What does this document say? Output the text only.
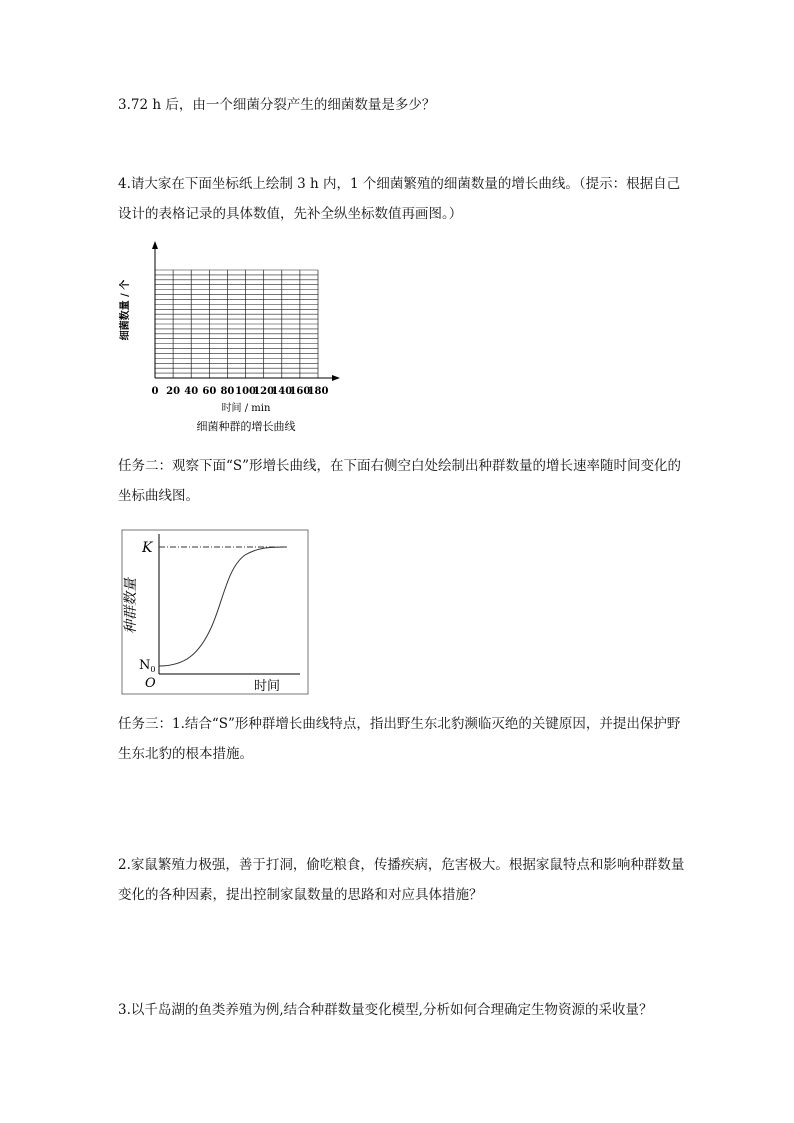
3.72 h 后，由一个细菌分裂产生的细菌数量是多少？

4.请大家在下面坐标纸上绘制 3 h 内，1 个细菌繁殖的细菌数量的增长曲线。（提示：根据自己设计的表格记录的具体数值，先补全纵坐标数值再画图。）

0 20 40 60 80 100
120
140
160
180
细菌数量 / 个
时间 / min
细菌种群的增长曲线

任务二：观察下面“S”形增长曲线，在下面右侧空白处绘制出种群数量的增长速率随时间变化的坐标曲线图。

K
$N_0$
O	时间
种群数量

任务三：1.结合“S”形种群增长曲线特点，指出野生东北豹濒临灭绝的关键原因，并提出保护野生东北豹的根本措施。

2.家鼠繁殖力极强，善于打洞，偷吃粮食，传播疾病，危害极大。根据家鼠特点和影响种群数量变化的各种因素，提出控制家鼠数量的思路和对应具体措施？

3.以千岛湖的鱼类养殖为例,结合种群数量变化模型,分析如何合理确定生物资源的采收量？
